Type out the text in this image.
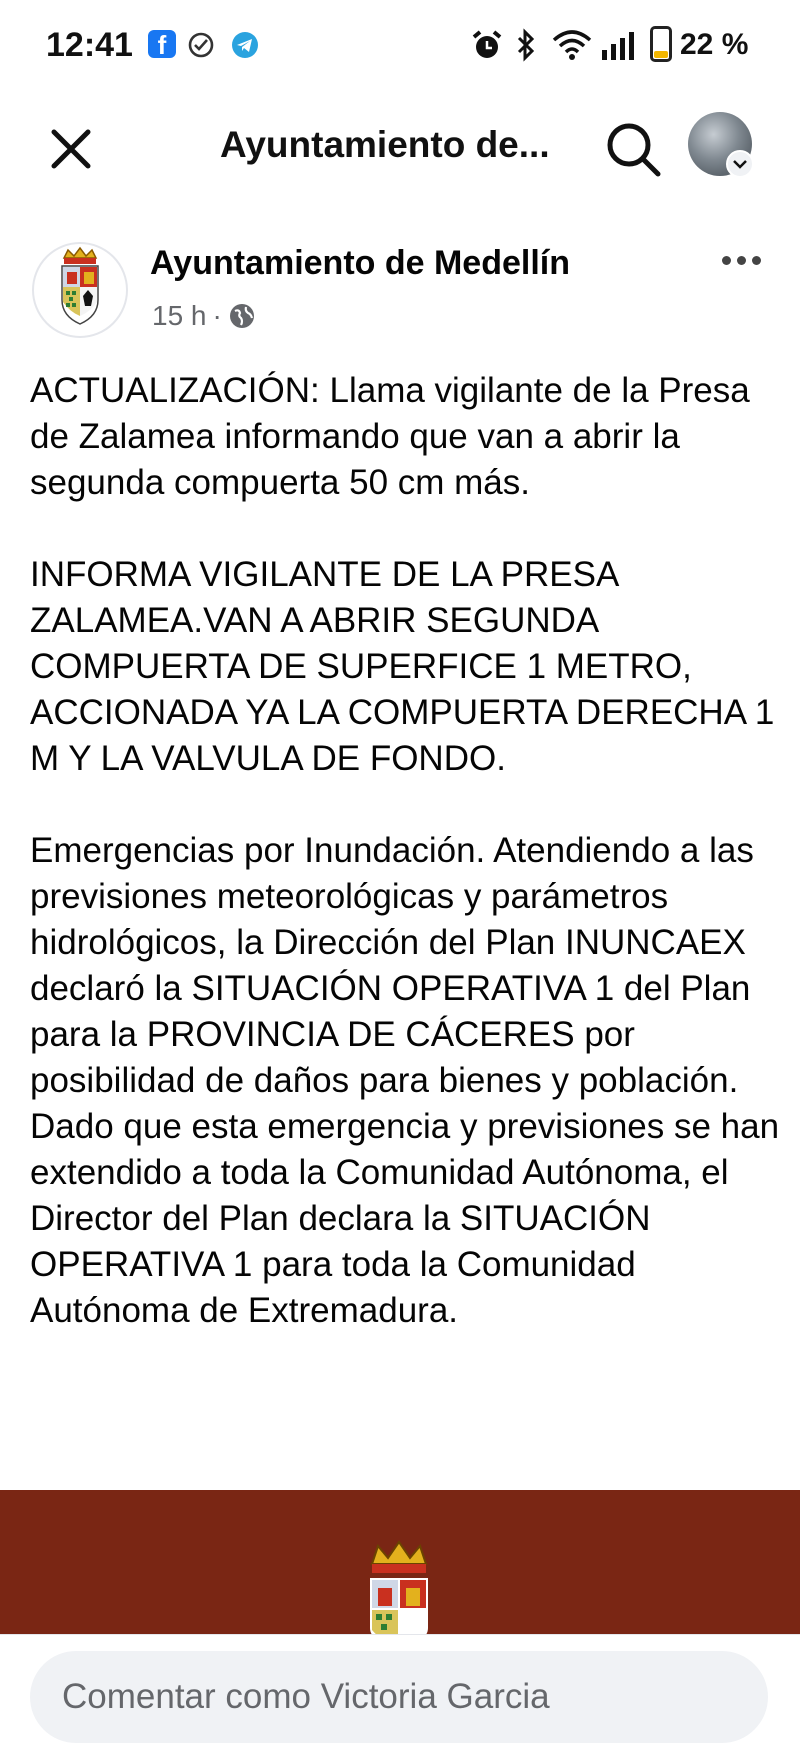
12:41 f	22 %
Ayuntamiento de...
Ayuntamiento de Medellín
15 h ·

ACTUALIZACIÓN: Llama vigilante de la Presa de Zalamea informando que van a abrir la segunda compuerta 50 cm más.

INFORMA VIGILANTE DE LA PRESA ZALAMEA.VAN A ABRIR SEGUNDA COMPUERTA DE SUPERFICE 1 METRO, ACCIONADA YA LA COMPUERTA DERECHA 1 M Y LA VALVULA DE FONDO.

Emergencias por Inundación. Atendiendo a las previsiones meteorológicas y parámetros hidrológicos, la Dirección del Plan INUNCAEX declaró la SITUACIÓN OPERATIVA 1 del Plan para la PROVINCIA DE CÁCERES por posibilidad de daños para bienes y población. Dado que esta emergencia y previsiones se han extendido a toda la Comunidad Autónoma, el Director del Plan declara la SITUACIÓN OPERATIVA 1 para toda la Comunidad Autónoma de Extremadura.

Comentar como Victoria Garcia
